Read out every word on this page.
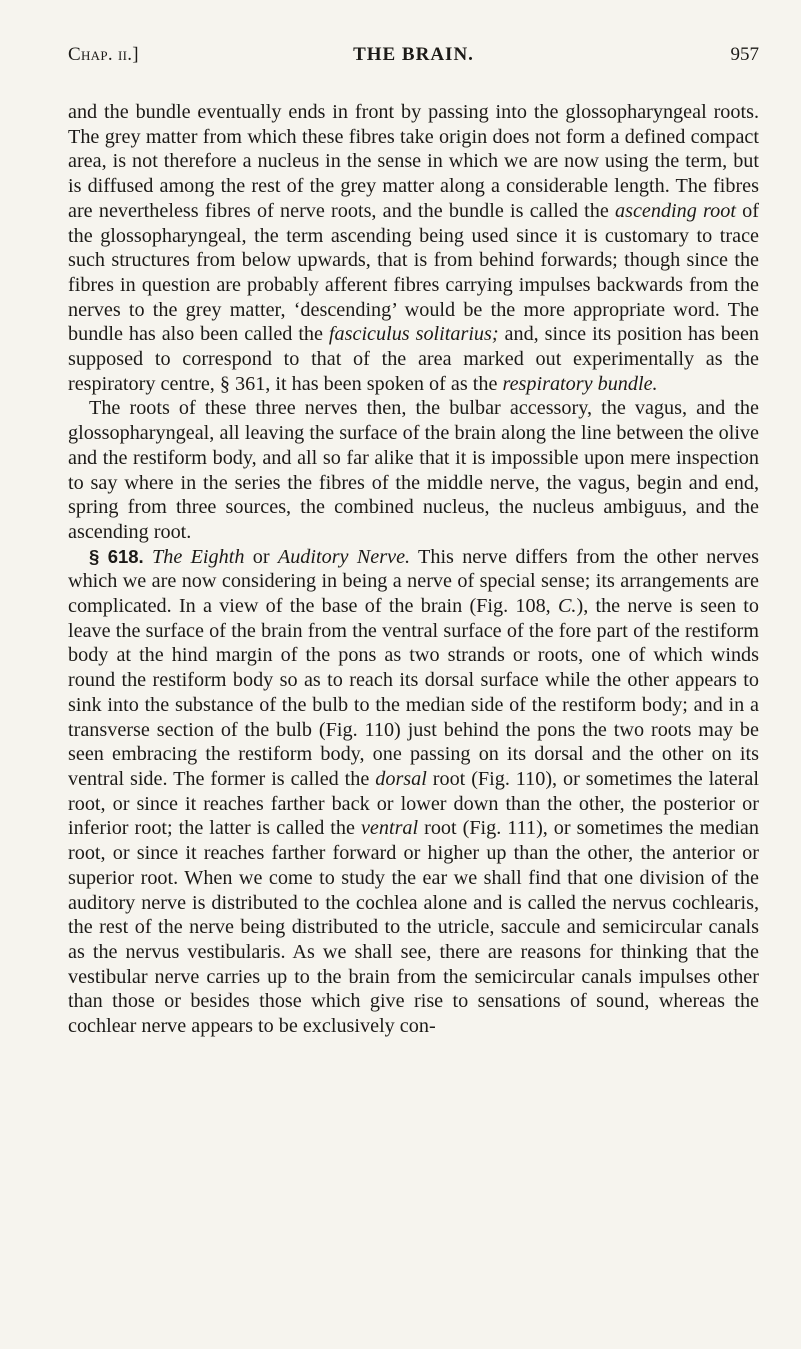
Chap. ii.]	THE BRAIN.	957

and the bundle eventually ends in front by passing into the glossopharyngeal roots. The grey matter from which these fibres take origin does not form a defined compact area, is not therefore a nucleus in the sense in which we are now using the term, but is diffused among the rest of the grey matter along a considerable length. The fibres are nevertheless fibres of nerve roots, and the bundle is called the ascending root of the glossopharyngeal, the term ascending being used since it is customary to trace such structures from below upwards, that is from behind forwards; though since the fibres in question are probably afferent fibres carrying impulses backwards from the nerves to the grey matter, ‘descending’ would be the more appropriate word. The bundle has also been called the fasciculus solitarius; and, since its position has been supposed to correspond to that of the area marked out experimentally as the respiratory centre, § 361, it has been spoken of as the respiratory bundle.

The roots of these three nerves then, the bulbar accessory, the vagus, and the glossopharyngeal, all leaving the surface of the brain along the line between the olive and the restiform body, and all so far alike that it is impossible upon mere inspection to say where in the series the fibres of the middle nerve, the vagus, begin and end, spring from three sources, the combined nucleus, the nucleus ambiguus, and the ascending root.

§ 618. The Eighth or Auditory Nerve. This nerve differs from the other nerves which we are now considering in being a nerve of special sense; its arrangements are complicated. In a view of the base of the brain (Fig. 108, C.), the nerve is seen to leave the surface of the brain from the ventral surface of the fore part of the restiform body at the hind margin of the pons as two strands or roots, one of which winds round the restiform body so as to reach its dorsal surface while the other appears to sink into the substance of the bulb to the median side of the restiform body; and in a transverse section of the bulb (Fig. 110) just behind the pons the two roots may be seen embracing the restiform body, one passing on its dorsal and the other on its ventral side. The former is called the dorsal root (Fig. 110), or sometimes the lateral root, or since it reaches farther back or lower down than the other, the posterior or inferior root; the latter is called the ventral root (Fig. 111), or sometimes the median root, or since it reaches farther forward or higher up than the other, the anterior or superior root. When we come to study the ear we shall find that one division of the auditory nerve is distributed to the cochlea alone and is called the nervus cochlearis, the rest of the nerve being distributed to the utricle, saccule and semicircular canals as the nervus vestibularis. As we shall see, there are reasons for thinking that the vestibular nerve carries up to the brain from the semicircular canals impulses other than those or besides those which give rise to sensations of sound, whereas the cochlear nerve appears to be exclusively con-
